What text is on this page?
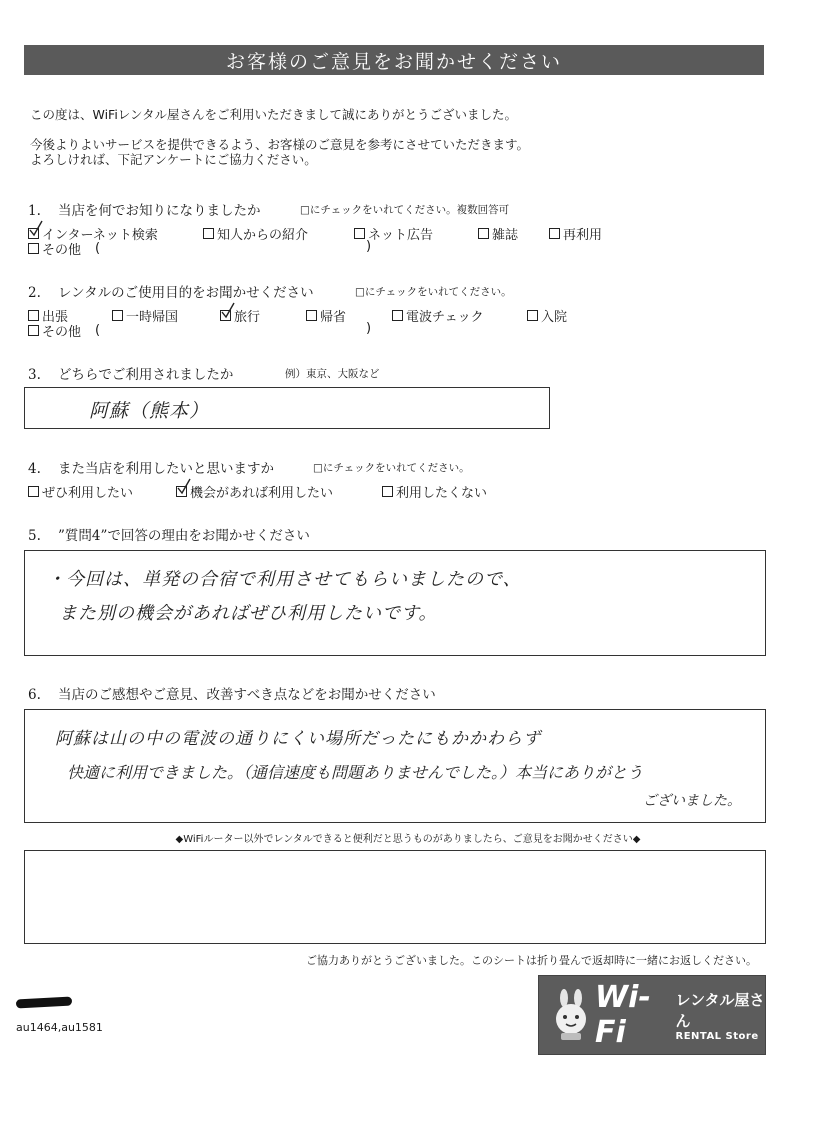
お客様のご意見をお聞かせください
この度は、WiFiレンタル屋さんをご利用いただきまして誠にありがとうございました。
今後よりよいサービスを提供できるよう、お客様のご意見を参考にさせていただきます。
よろしければ、下記アンケートにご協力ください。
1. 当店を何でお知りになりましたか	□にチェックをいれてください。複数回答可
インターネット検索	知人からの紹介	ネット広告	雑誌	再利用
その他 (	)
2. レンタルのご使用目的をお聞かせください	□にチェックをいれてください。
出張	一時帰国	旅行	帰省	電波チェック	入院
その他 (	)
3. どちらでご利用されましたか	例）東京、大阪など
阿蘇（熊本）
4. また当店を利用したいと思いますか	□にチェックをいれてください。
ぜひ利用したい	機会があれば利用したい	利用したくない
5. ”質問4”で回答の理由をお聞かせください
・今回は、単発の合宿で利用させてもらいましたので、
また別の機会があればぜひ利用したいです。
6. 当店のご感想やご意見、改善すべき点などをお聞かせください
阿蘇は山の中の電波の通りにくい場所だったにもかかわらず
快適に利用できました。（通信速度も問題ありませんでした。）本当にありがとう
ございました。
◆WiFiルーター以外でレンタルできると便利だと思うものがありましたら、ご意見をお聞かせください◆
ご協力ありがとうございました。このシートは折り畳んで返却時に一緒にお返しください。
au1464,au1581
Wi-Fi
レンタル屋さん
RENTAL Store
